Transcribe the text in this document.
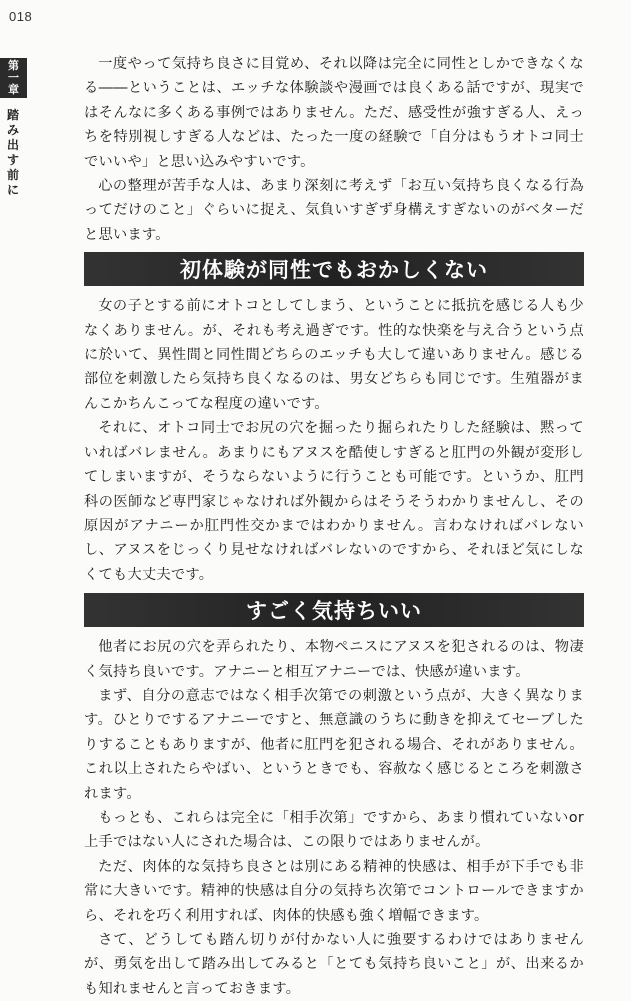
018
第
一
章
踏み出す前に

一度やって気持ち良さに目覚め、それ以降は完全に同性としかできなくなる――ということは、エッチな体験談や漫画では良くある話ですが、現実ではそんなに多くある事例ではありません。ただ、感受性が強すぎる人、えっちを特別視しすぎる人などは、たった一度の経験で「自分はもうオトコ同士でいいや」と思い込みやすいです。

心の整理が苦手な人は、あまり深刻に考えず「お互い気持ち良くなる行為ってだけのこと」ぐらいに捉え、気負いすぎず身構えすぎないのがベターだと思います。

初体験が同性でもおかしくない

女の子とする前にオトコとしてしまう、ということに抵抗を感じる人も少なくありません。が、それも考え過ぎです。性的な快楽を与え合うという点に於いて、異性間と同性間どちらのエッチも大して違いありません。感じる部位を刺激したら気持ち良くなるのは、男女どちらも同じです。生殖器がまんこかちんこってな程度の違いです。

それに、オトコ同士でお尻の穴を掘ったり掘られたりした経験は、黙っていればバレません。あまりにもアヌスを酷使しすぎると肛門の外観が変形してしまいますが、そうならないように行うことも可能です。というか、肛門科の医師など専門家じゃなければ外観からはそうそうわかりませんし、その原因がアナニーか肛門性交かまではわかりません。言わなければバレないし、アヌスをじっくり見せなければバレないのですから、それほど気にしなくても大丈夫です。

すごく気持ちいい

他者にお尻の穴を弄られたり、本物ペニスにアヌスを犯されるのは、物凄く気持ち良いです。アナニーと相互アナニーでは、快感が違います。

まず、自分の意志ではなく相手次第での刺激という点が、大きく異なります。ひとりでするアナニーですと、無意識のうちに動きを抑えてセーブしたりすることもありますが、他者に肛門を犯される場合、それがありません。これ以上されたらやばい、というときでも、容赦なく感じるところを刺激されます。

もっとも、これらは完全に「相手次第」ですから、あまり慣れていないor上手ではない人にされた場合は、この限りではありませんが。

ただ、肉体的な気持ち良さとは別にある精神的快感は、相手が下手でも非常に大きいです。精神的快感は自分の気持ち次第でコントロールできますから、それを巧く利用すれば、肉体的快感も強く増幅できます。

さて、どうしても踏ん切りが付かない人に強要するわけではありませんが、勇気を出して踏み出してみると「とても気持ち良いこと」が、出来るかも知れませんと言っておきます。
